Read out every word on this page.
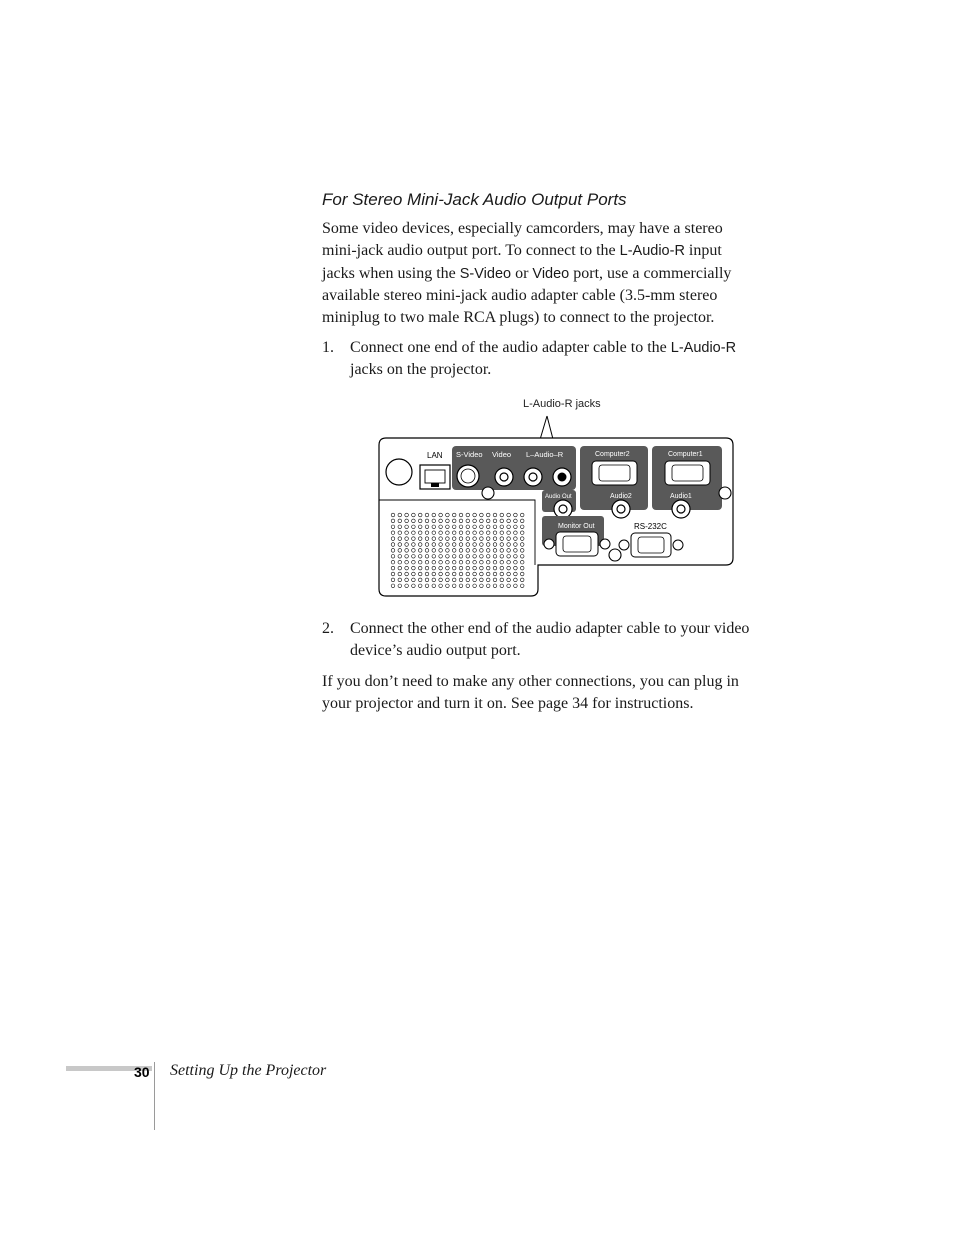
For Stereo Mini-Jack Audio Output Ports
Some video devices, especially camcorders, may have a stereo
mini-jack audio output port. To connect to the L-Audio-R input
jacks when using the S-Video or Video port, use a commercially
available stereo mini-jack audio adapter cable (3.5-mm stereo
miniplug to two male RCA plugs) to connect to the projector.
1. Connect one end of the audio adapter cable to the L-Audio-R
jacks on the projector.
L-Audio-R jacks
LAN S-Video Video L–Audio–R	Computer2
Audio2
Computer1
Audio1
Audio Out
Monitor Out	RS-232C
2. Connect the other end of the audio adapter cable to your video
device’s audio output port.
If you don’t need to make any other connections, you can plug in
your projector and turn it on. See page 34 for instructions.
30 Setting Up the Projector
